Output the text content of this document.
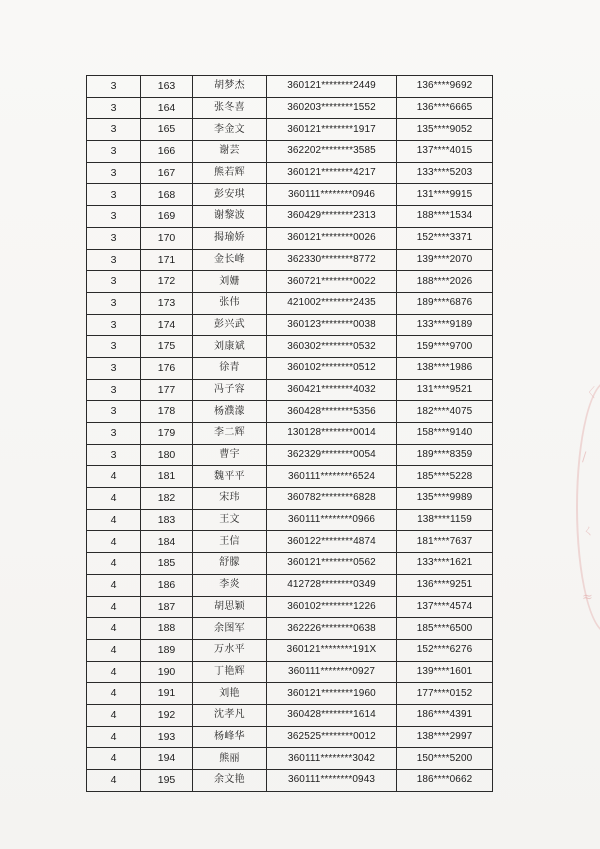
3	163	胡梦杰	360121********2449	136****9692
3	164	张冬喜	360203********1552	136****6665
3	165	李金文	360121********1917	135****9052
3	166	谢芸	362202********3585	137****4015
3	167	熊若辉	360121********4217	133****5203
3	168	彭安琪	360111********0946	131****9915
3	169	谢黎波	360429********2313	188****1534
3	170	揭瑜娇	360121********0026	152****3371
3	171	金长峰	362330********8772	139****2070
3	172	刘姗	360721********0022	188****2026
3	173	张伟	421002********2435	189****6876
3	174	彭兴武	360123********0038	133****9189
3	175	刘康斌	360302********0532	159****9700
3	176	徐青	360102********0512	138****1986
3	177	冯子容	360421********4032	131****9521
3	178	杨濮濛	360428********5356	182****4075
3	179	李二辉	130128********0014	158****9140
3	180	曹宇	362329********0054	189****8359
4	181	魏平平	360111********6524	185****5228
4	182	宋玮	360782********6828	135****9989
4	183	王文	360111********0966	138****1159
4	184	王信	360122********4874	181****7637
4	185	舒朦	360121********0562	133****1621
4	186	李炎	412728********0349	136****9251
4	187	胡思颖	360102********1226	137****4574
4	188	余图军	362226********0638	185****6500
4	189	万水平	360121********191X	152****6276
4	190	丁艳辉	360111********0927	139****1601
4	191	刘艳	360121********1960	177****0152
4	192	沈孝凡	360428********1614	186****4391
4	193	杨峰华	362525********0012	138****2997
4	194	熊丽	360111********3042	150****5200
4	195	余文艳	360111********0943	186****0662
〈
∕
ㄑ
≈
